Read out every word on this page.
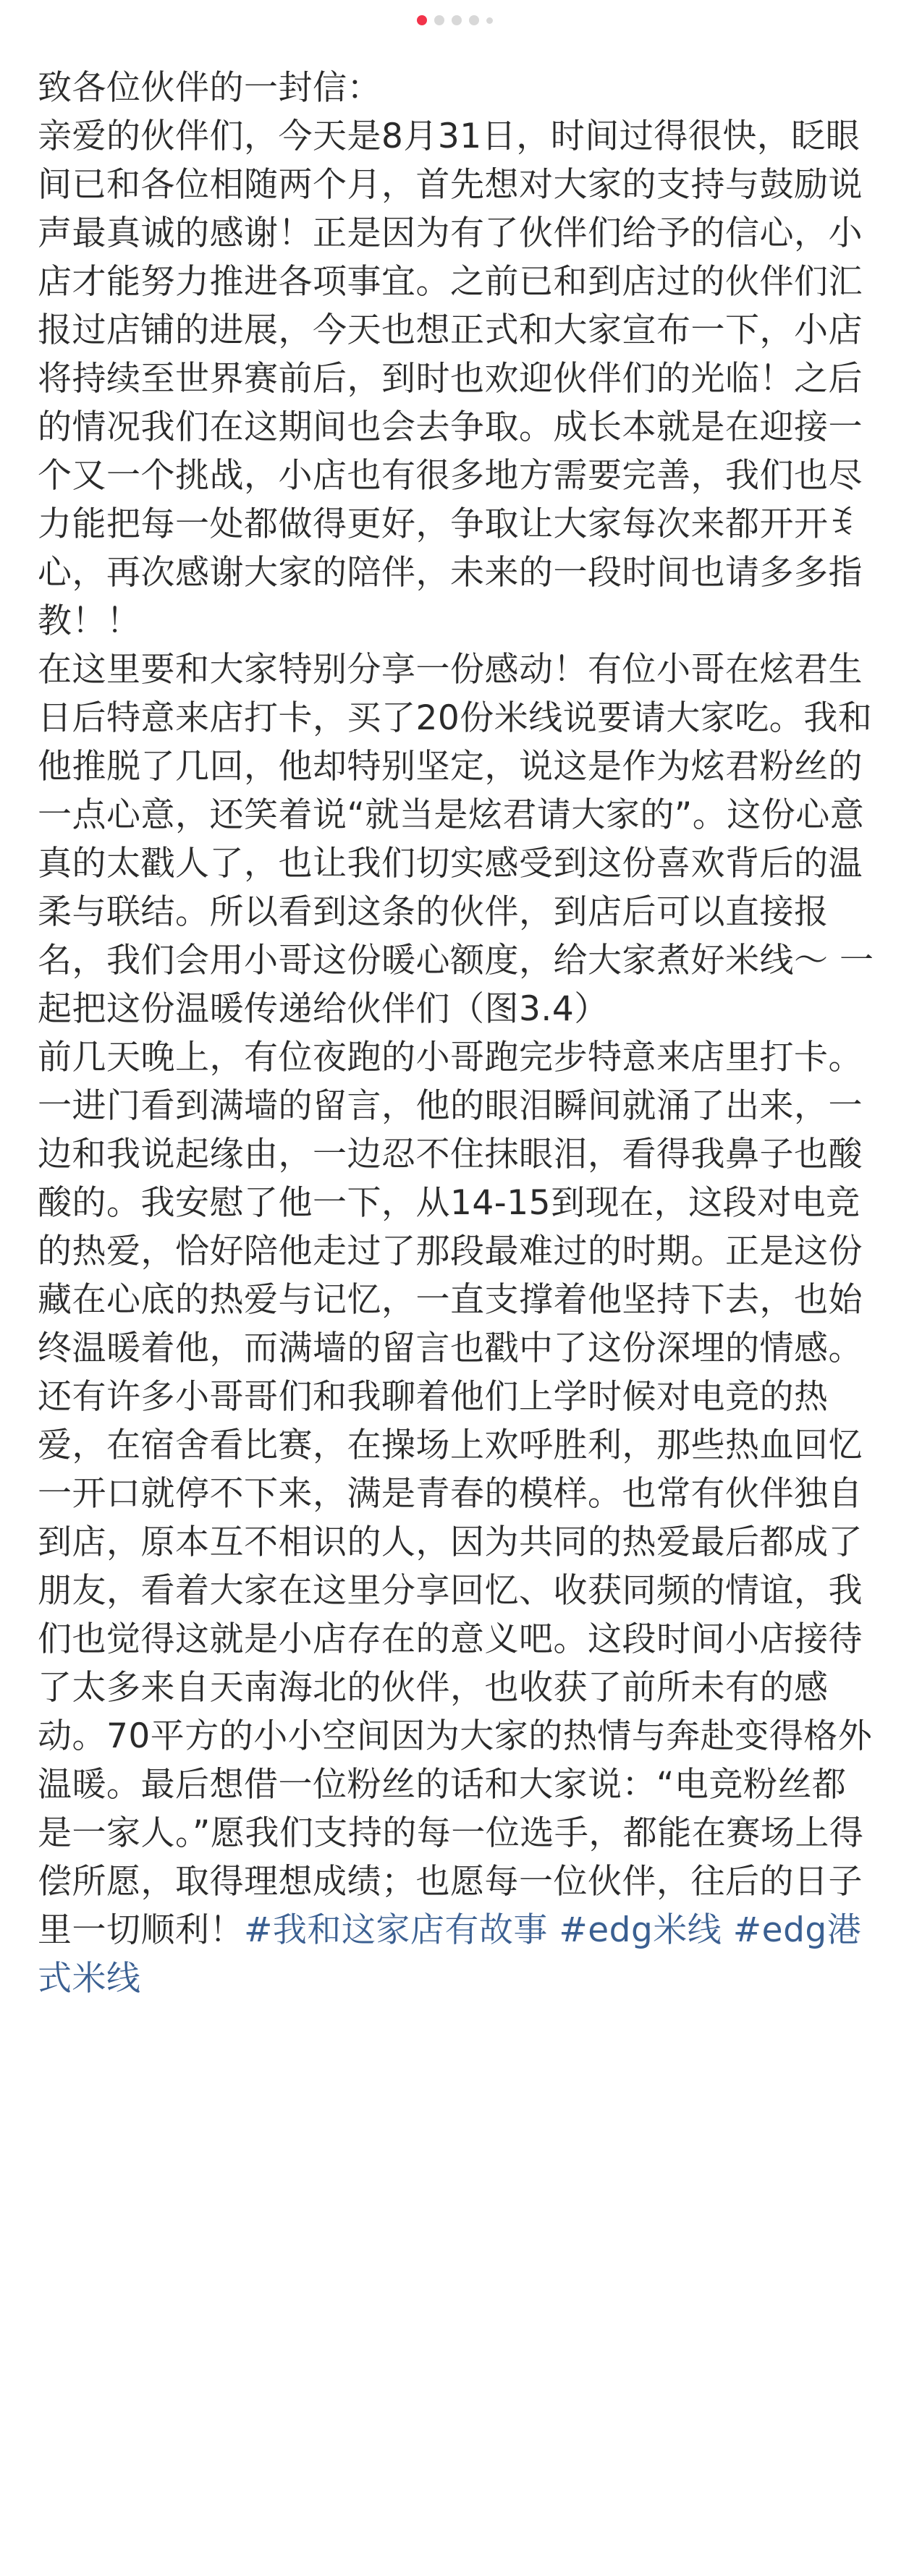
致各位伙伴的一封信：

亲爱的伙伴们，今天是8月31日，时间过得很快，眨眼间已和各位相随两个月，首先想对大家的支持与鼓励说声最真诚的感谢！正是因为有了伙伴们给予的信心，小店才能努力推进各项事宜。之前已和到店过的伙伴们汇报过店铺的进展，今天也想正式和大家宣布一下，小店将持续至世界赛前后，到时也欢迎伙伴们的光临！之后的情况我们在这期间也会去争取。成长本就是在迎接一个又一个挑战，小店也有很多地方需要完善，我们也尽力能把每一处都做得更好，争取让大家每次来都开开ꉂ心，再次感谢大家的陪伴，未来的一段时间也请多多指教！！

在这里要和大家特别分享一份感动！有位小哥在炫君生日后特意来店打卡，买了20份米线说要请大家吃。我和他推脱了几回，他却特别坚定，说这是作为炫君粉丝的一点心意，还笑着说“就当是炫君请大家的”。这份心意真的太戳人了，也让我们切实感受到这份喜欢背后的温柔与联结。所以看到这条的伙伴，到店后可以直接报名，我们会用小哥这份暖心额度，给大家煮好米线～ 一起把这份温暖传递给伙伴们（图3.4）

前几天晚上，有位夜跑的小哥跑完步特意来店里打卡。一进门看到满墙的留言，他的眼泪瞬间就涌了出来，一边和我说起缘由，一边忍不住抹眼泪，看得我鼻子也酸酸的。我安慰了他一下，从14-15到现在，这段对电竞的热爱，恰好陪他走过了那段最难过的时期。正是这份藏在心底的热爱与记忆，一直支撑着他坚持下去，也始终温暖着他，而满墙的留言也戳中了这份深埋的情感。还有许多小哥哥们和我聊着他们上学时候对电竞的热爱，在宿舍看比赛，在操场上欢呼胜利，那些热血回忆一开口就停不下来，满是青春的模样。也常有伙伴独自到店，原本互不相识的人，因为共同的热爱最后都成了朋友，看着大家在这里分享回忆、收获同频的情谊，我们也觉得这就是小店存在的意义吧。这段时间小店接待了太多来自天南海北的伙伴，也收获了前所未有的感动。70平方的小小空间因为大家的热情与奔赴变得格外温暖。最后想借一位粉丝的话和大家说：“电竞粉丝都是一家人。”愿我们支持的每一位选手，都能在赛场上得偿所愿，取得理想成绩；也愿每一位伙伴，往后的日子里一切顺利！#我和这家店有故事 #edg米线 #edg港式米线
